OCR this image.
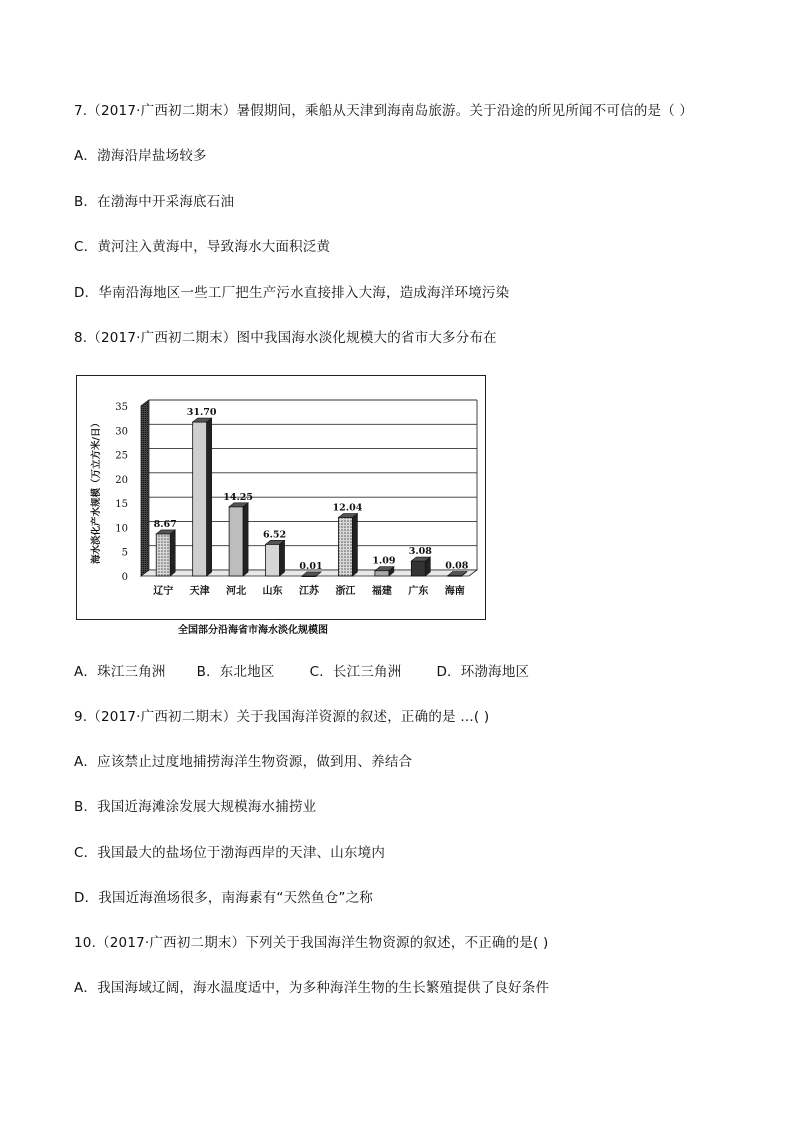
7.（2017·广西初二期末）暑假期间，乘船从天津到海南岛旅游。关于沿途的所见所闻不可信的是（ ）
A．渤海沿岸盐场较多
B．在渤海中开采海底石油
C．黄河注入黄海中，导致海水大面积泛黄
D．华南沿海地区一些工厂把生产污水直接排入大海，造成海洋环境污染
8.（2017·广西初二期末）图中我国海水淡化规模大的省市大多分布在
0
5
10
15
20
25
30
35
海水淡化产水规模（万立方米/日）	8.67
辽宁
31.70
天津
14.25
河北
6.52
山东
0.01
江苏
12.04
浙江
1.09
福建
3.08
广东
0.08
海南
全国部分沿海省市海水淡化规模图
A．珠江三角洲 B．东北地区	C．长江三角洲	D．环渤海地区
9.（2017·广西初二期末）关于我国海洋资源的叙述，正确的是 …( )
A．应该禁止过度地捕捞海洋生物资源，做到用、养结合
B．我国近海滩涂发展大规模海水捕捞业
C．我国最大的盐场位于渤海西岸的天津、山东境内
D．我国近海渔场很多，南海素有“天然鱼仓”之称
10.（2017·广西初二期末）下列关于我国海洋生物资源的叙述，不正确的是( )
A．我国海域辽阔，海水温度适中，为多种海洋生物的生长繁殖提供了良好条件
